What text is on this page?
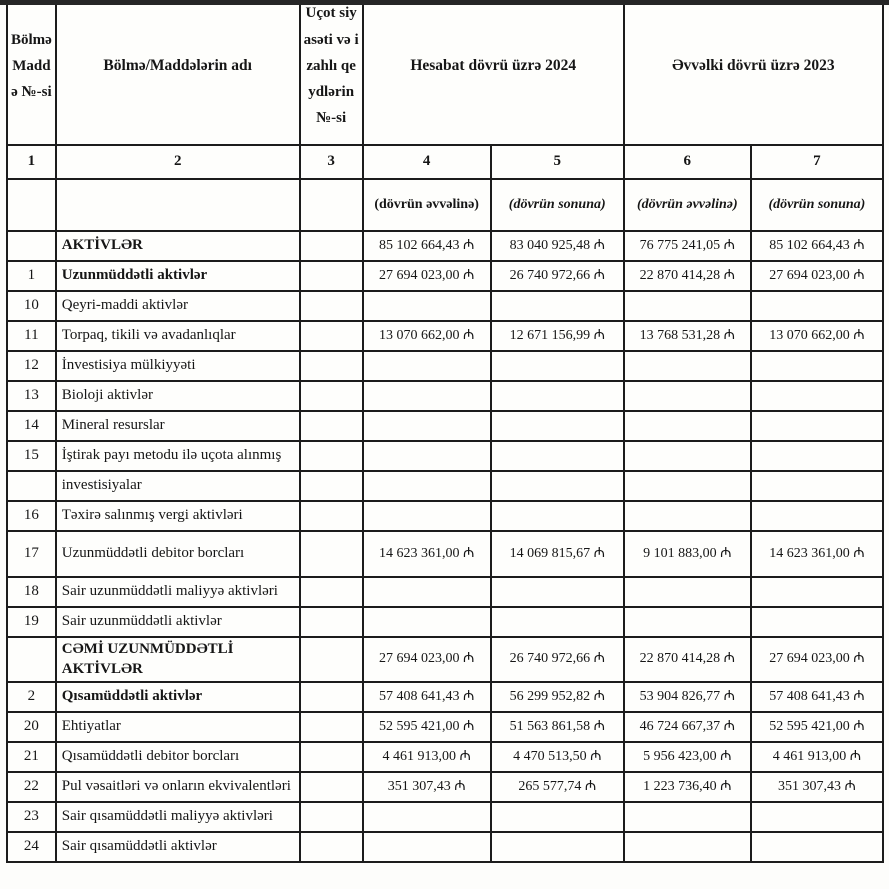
Bölmə Maddə №-si	Bölmə/Maddələrin adı	Uçot siyasəti və izahlı qeydlərin №-si	Hesabat dövrü üzrə 2024		Əvvəlki dövrü üzrə 2023	
1	2	3	4	5	6	7
			(dövrün əvvəlinə)	(dövrün sonuna)	(dövrün əvvəlinə)	(dövrün sonuna)
	AKTİVLƏR		85 102 664,43 ₼	83 040 925,48 ₼	76 775 241,05 ₼	85 102 664,43 ₼
1	Uzunmüddətli aktivlər		27 694 023,00 ₼	26 740 972,66 ₼	22 870 414,28 ₼	27 694 023,00 ₼
10	Qeyri-maddi aktivlər					
11	Torpaq, tikili və avadanlıqlar		13 070 662,00 ₼	12 671 156,99 ₼	13 768 531,28 ₼	13 070 662,00 ₼
12	İnvestisiya mülkiyyəti					
13	Bioloji aktivlər					
14	Mineral resurslar					
15	İştirak payı metodu ilə uçota alınmış					
	investisiyalar					
16	Təxirə salınmış vergi aktivləri					
17	Uzunmüddətli debitor borcları		14 623 361,00 ₼	14 069 815,67 ₼	9 101 883,00 ₼	14 623 361,00 ₼
18	Sair uzunmüddətli maliyyə aktivləri					
19	Sair uzunmüddətli aktivlər					
	CƏMİ UZUNMÜDDƏTLİ AKTİVLƏR		27 694 023,00 ₼	26 740 972,66 ₼	22 870 414,28 ₼	27 694 023,00 ₼
2	Qısamüddətli aktivlər		57 408 641,43 ₼	56 299 952,82 ₼	53 904 826,77 ₼	57 408 641,43 ₼
20	Ehtiyatlar		52 595 421,00 ₼	51 563 861,58 ₼	46 724 667,37 ₼	52 595 421,00 ₼
21	Qısamüddətli debitor borcları		4 461 913,00 ₼	4 470 513,50 ₼	5 956 423,00 ₼	4 461 913,00 ₼
22	Pul vəsaitləri və onların ekvivalentləri		351 307,43 ₼	265 577,74 ₼	1 223 736,40 ₼	351 307,43 ₼
23	Sair qısamüddətli maliyyə aktivləri					
24	Sair qısamüddətli aktivlər					
